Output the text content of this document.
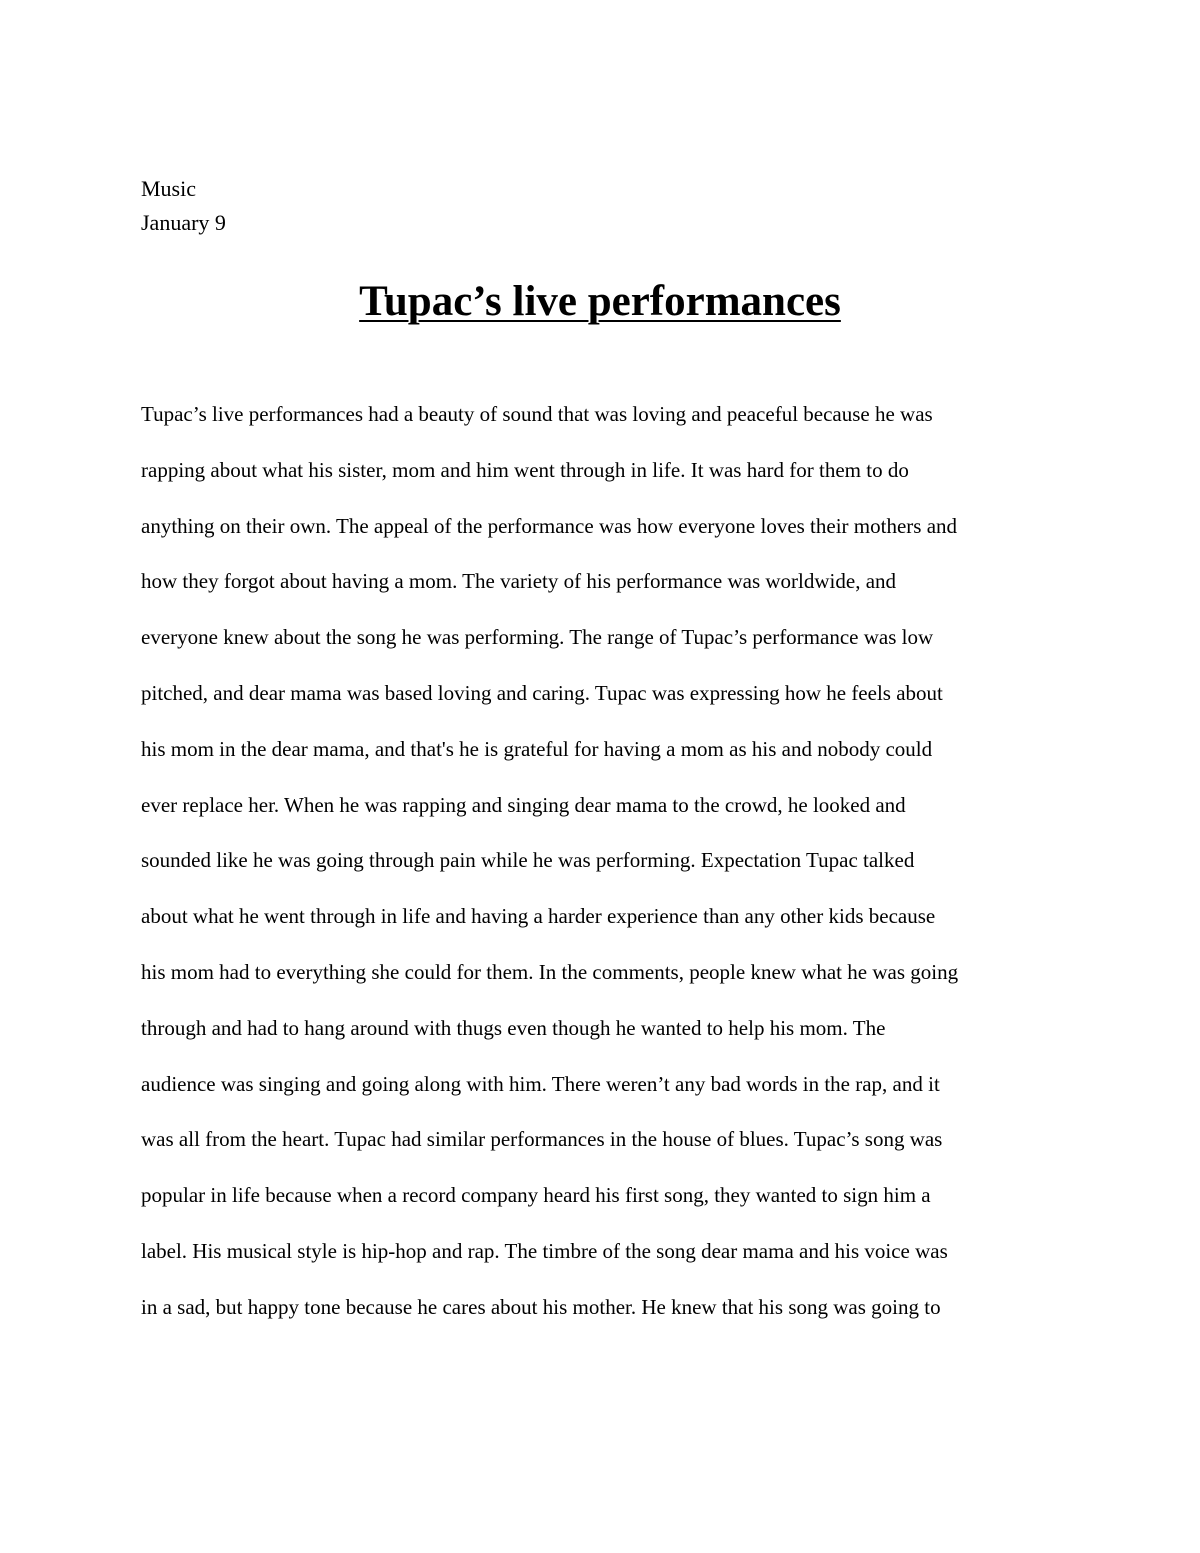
Music
January 9
Tupac’s live performances
Tupac’s live performances had a beauty of sound that was loving and peaceful because he was
rapping about what his sister, mom and him went through in life. It was hard for them to do
anything on their own. The appeal of the performance was how everyone loves their mothers and
how they forgot about having a mom. The variety of his performance was worldwide, and
everyone knew about the song he was performing. The range of Tupac’s performance was low
pitched, and dear mama was based loving and caring. Tupac was expressing how he feels about
his mom in the dear mama, and that's he is grateful for having a mom as his and nobody could
ever replace her. When he was rapping and singing dear mama to the crowd, he looked and
sounded like he was going through pain while he was performing. Expectation Tupac talked
about what he went through in life and having a harder experience than any other kids because
his mom had to everything she could for them. In the comments, people knew what he was going
through and had to hang around with thugs even though he wanted to help his mom. The
audience was singing and going along with him. There weren’t any bad words in the rap, and it
was all from the heart. Tupac had similar performances in the house of blues. Tupac’s song was
popular in life because when a record company heard his first song, they wanted to sign him a
label. His musical style is hip-hop and rap. The timbre of the song dear mama and his voice was
in a sad, but happy tone because he cares about his mother. He knew that his song was going to
